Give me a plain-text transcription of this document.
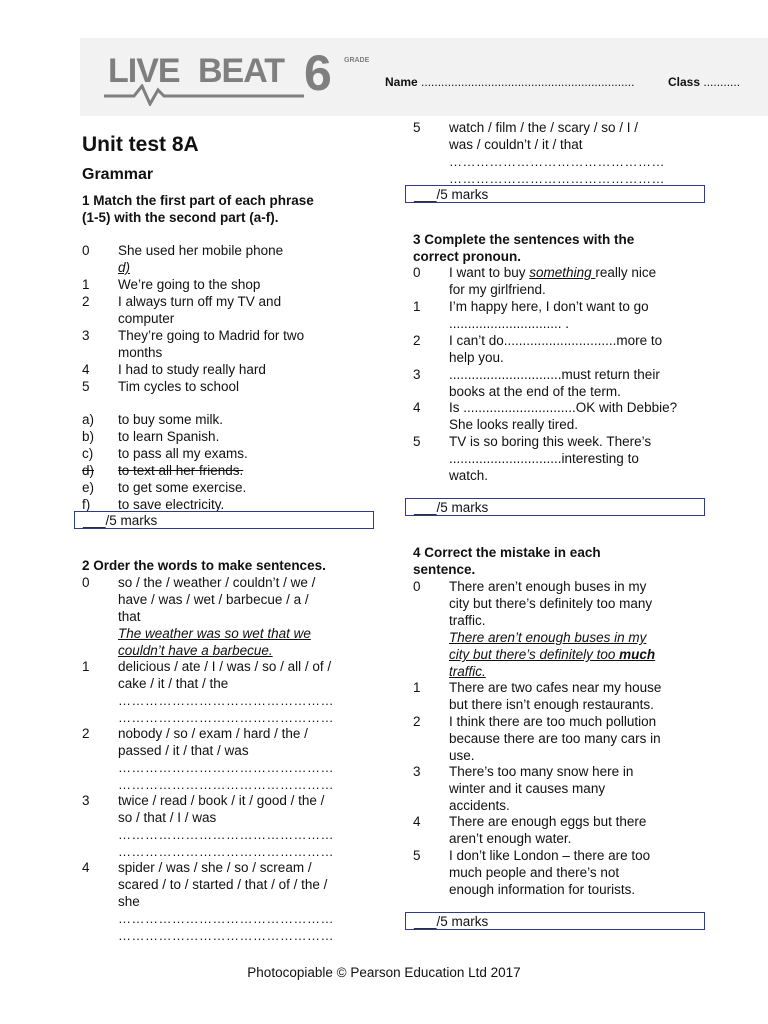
LIVE BEAT 6 GRADE
Name ................................................................	Class ...........
Unit test 8A
Grammar
1 Match the first part of each phrase
(1-5) with the second part (a-f).
0 She used her mobile phone
d)
1 We’re going to the shop
2 I always turn off my TV and
computer
3 They’re going to Madrid for two
months
4 I had to study really hard
5 Tim cycles to school
a) to buy some milk.
b) to learn Spanish.
c) to pass all my exams.
d)	to text all her friends.
e) to get some exercise.
f) to save electricity.
___/5 marks
2 Order the words to make sentences.
0 so / the / weather / couldn’t / we /
have / was / wet / barbecue / a /
that
The weather was so wet that we
couldn’t have a barbecue.
1 delicious / ate / I / was / so / all / of /
cake / it / that / the
…………………………………………
…………………………………………
2 nobody / so / exam / hard / the /
passed / it / that / was
…………………………………………
…………………………………………
3 twice / read / book / it / good / the /
so / that / I / was
…………………………………………
…………………………………………
4 spider / was / she / so / scream /
scared / to / started / that / of / the /
she
…………………………………………
…………………………………………
5 watch / film / the / scary / so / I /
was / couldn’t / it / that
…………………………………………
…………………………………………
___/5 marks
3 Complete the sentences with the
correct pronoun.
0 I want to buy something really nice
for my girlfriend.
1 I’m happy here, I don’t want to go
.............................. .
2 I can’t do..............................more to
help you.
3 ..............................must return their
books at the end of the term.
4 Is ..............................OK with Debbie?
She looks really tired.
5 TV is so boring this week. There’s
..............................interesting to
watch.
___/5 marks
4 Correct the mistake in each
sentence.
0 There aren’t enough buses in my
city but there’s definitely too many
traffic.
There aren’t enough buses in my
city but there’s definitely too much
traffic.
1 There are two cafes near my house
but there isn’t enough restaurants.
2 I think there are too much pollution
because there are too many cars in
use.
3 There’s too many snow here in
winter and it causes many
accidents.
4 There are enough eggs but there
aren’t enough water.
5 I don’t like London – there are too
much people and there’s not
enough information for tourists.
___/5 marks
Photocopiable © Pearson Education Ltd 2017
